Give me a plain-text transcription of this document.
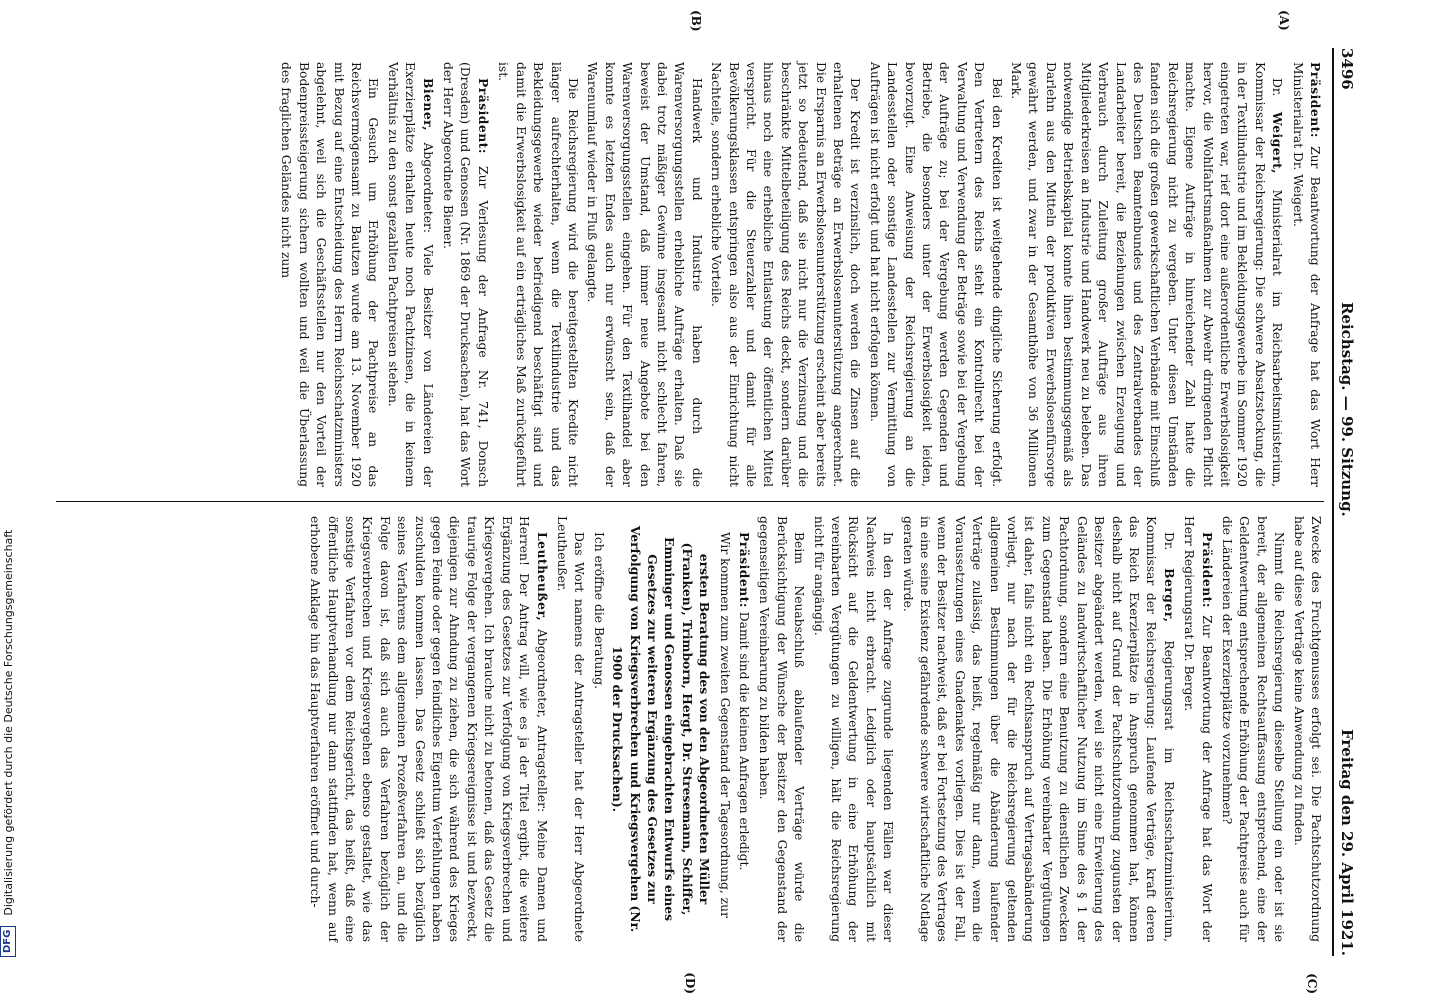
DFG
Digitalisierung gefördert durch die Deutsche Forschungsgemeinschaft
3496
Reichstag. — 99. Sitzung.
Freitag den 29. April 1921.
(A)
(B)

Präsident: Zur Beantwortung der Anfrage hat das Wort Herr Ministerialrat Dr. Weigert.

Dr. Weigert, Ministerialrat im Reichsarbeitsministerium, Kommissar der Reichsregierung: Die schwere Absatzstockung, die in der Textilindustrie und im Bekleidungsgewerbe im Sommer 1920 eingetreten war, rief dort eine außerordentliche Erwerbslosigkeit hervor, die Wohlfahrtsmaßnahmen zur Abwehr dringenden Pflicht machte. Eigene Aufträge in hinreichender Zahl hatte die Reichsregierung nicht zu vergeben. Unter diesen Umständen fanden sich die großen gewerkschaftlichen Verbände mit Einschluß des Deutschen Beamtenbundes und des Zentralverbandes der Landarbeiter bereit, die Beziehungen zwischen Erzeugung und Verbrauch durch Zuleitung großer Aufträge aus ihren Mitgliederkreisen an Industrie und Handwerk neu zu beleben. Das notwendige Betriebskapital konnte ihnen bestimmungsgemäß als Darlehn aus den Mitteln der produktiven Erwerbslosenfürsorge gewährt werden, und zwar in der Gesamthöhe von 36 Millionen Mark.

Bei den Krediten ist weitgehende dingliche Sicherung erfolgt. Den Vertretern des Reichs steht ein Kontrollrecht bei der Verwaltung und Verwendung der Beträge sowie bei der Vergebung der Aufträge zu; bei der Vergebung werden Gegenden und Betriebe, die besonders unter der Erwerbslosigkeit leiden, bevorzugt. Eine Anweisung der Reichsregierung an die Landesstellen oder sonstige Landesstellen zur Vermittlung von Aufträgen ist nicht erfolgt und hat nicht erfolgen können.

Der Kredit ist verzinslich, doch werden die Zinsen auf die erhaltenen Beträge an Erwerbslosenunterstützung angerechnet. Die Ersparnis an Erwerbslosenunterstützung erscheint aber bereits jetzt so bedeutend, daß sie nicht nur die Verzinsung und die beschränkte Mittelbeteiligung des Reichs deckt, sondern darüber hinaus noch eine erhebliche Entlastung der öffentlichen Mittel verspricht. Für die Steuerzahler und damit für alle Bevölkerungsklassen entspringen also aus der Einrichtung nicht Nachteile, sondern erhebliche Vorteile.

Handwerk und Industrie haben durch die Warenversorgungsstellen erhebliche Aufträge erhalten. Daß sie dabei trotz mäßiger Gewinne insgesamt nicht schlecht fahren, beweist der Umstand, daß immer neue Angebote bei den Warenversorgungsstellen eingehen. Für den Textilhandel aber konnte es letzten Endes auch nur erwünscht sein, daß der Warenumlauf wieder in Fluß gelangte.

Die Reichsregierung wird die bereitgestellten Kredite nicht länger aufrechterhalten, wenn die Textilindustrie und das Bekleidungsgewerbe wieder befriedigend beschäftigt sind und damit die Erwerbslosigkeit auf ein erträgliches Maß zurückgeführt ist.

Präsident: Zur Verlesung der Anfrage Nr. 741, Donsch (Dresden) und Genossen (Nr. 1869 der Drucksachen), hat das Wort der Herr Abgeordnete Biener.

Biener, Abgeordneter: Viele Besitzer von Ländereien der Exerzierplätze erhalten heute noch Pachtzinsen, die in keinem Verhältnis zu den sonst gezahlten Pachtpreisen stehen.

Ein Gesuch um Erhöhung der Pachtpreise an das Reichsvermögensamt zu Bautzen wurde am 13. November 1920 mit Bezug auf eine Entscheidung des Herrn Reichsschatzministers abgelehnt, weil sich die Geschäftsstellen nur den Vorteil der Bodenpreissteigerung sichern wollten und weil die Überlassung des fraglichen Geländes nicht zum

(C)
(D)

Zwecke des Fruchtgenusses erfolgt sei. Die Pachtschutzordnung habe auf diese Verträge keine Anwendung zu finden.

Nimmt die Reichsregierung dieselbe Stellung ein oder ist sie bereit, der allgemeinen Rechtsauffassung entsprechend, eine der Geldentwertung entsprechende Erhöhung der Pachtpreise auch für die Ländereien der Exerzierplätze vorzunehmen?

Präsident: Zur Beantwortung der Anfrage hat das Wort der Herr Regierungsrat Dr. Berger.

Dr. Berger, Regierungsrat im Reichsschatzministerium, Kommissar der Reichsregierung: Laufende Verträge, kraft deren das Reich Exerzierplätze in Anspruch genommen hat, können deshalb nicht auf Grund der Pachtschutzordnung zugunsten der Besitzer abgeändert werden, weil sie nicht eine Erweiterung des Geländes zu landwirtschaftlicher Nutzung im Sinne des § 1 der Pachtordnung, sondern eine Benutzung zu dienstlichen Zwecken zum Gegenstand haben. Die Erhöhung vereinbarter Vergütungen ist daher, falls nicht ein Rechtsanspruch auf Vertragsabänderung vorliegt, nur nach der für die Reichsregierung geltenden allgemeinen Bestimmungen über die Abänderung laufender Verträge zulässig, das heißt, regelmäßig nur dann, wenn die Voraussetzungen eines Gnadenaktes vorliegen. Dies ist der Fall, wenn der Besitzer nachweist, daß er bei Fortsetzung des Vertrages in eine seine Existenz gefährdende schwere wirtschaftliche Notlage geraten würde.

In den der Anfrage zugrunde liegenden Fällen war dieser Nachweis nicht erbracht. Lediglich oder hauptsächlich mit Rücksicht auf die Geldentwertung in eine Erhöhung der vereinbarten Vergütungen zu willigen, hält die Reichsregierung nicht für angängig.

Beim Neuabschluß ablaufender Verträge würde die Berücksichtigung der Wünsche der Besitzer den Gegenstand der gegenseitigen Vereinbarung zu bilden haben.

Präsident: Damit sind die kleinen Anfragen erledigt.

Wir kommen zum zweiten Gegenstand der Tagesordnung, zur

ersten Beratung des von den Abgeordneten Müller (Franken), Trimborn, Hergt, Dr. Stresemann, Schiffer, Emminger und Genossen eingebrachten Entwurfs eines Gesetzes zur weiteren Ergänzung des Gesetzes zur Verfolgung von Kriegsverbrechen und Kriegsvergehen (Nr. 1900 der Drucksachen).

Ich eröffne die Beratung.

Das Wort namens der Antragsteller hat der Herr Abgeordnete Leutheußer.

Leutheußer, Abgeordneter, Antragsteller: Meine Damen und Herren! Der Antrag will, wie es ja der Titel ergibt, die weitere Ergänzung des Gesetzes zur Verfolgung von Kriegsverbrechen und Kriegsvergehen. Ich brauche nicht zu betonen, daß das Gesetz die traurige Folge der vergangenen Kriegsereignisse ist und bezweckt, diejenigen zur Ahndung zu ziehen, die sich während des Krieges gegen Feinde oder gegen feindliches Eigentum Verfehlungen haben zuschulden kommen lassen. Das Gesetz schließt sich bezüglich seines Verfahrens dem allgemeinen Prozeßverfahren an, und die Folge davon ist, daß sich auch das Verfahren bezüglich der Kriegsverbrechen und Kriegsvergehen ebenso gestaltet, wie das sonstige Verfahren vor dem Reichsgericht, das heißt, daß eine öffentliche Hauptverhandlung nur dann stattfinden hat, wenn auf erhobene Anklage hin das Hauptverfahren eröffnet und durch-
